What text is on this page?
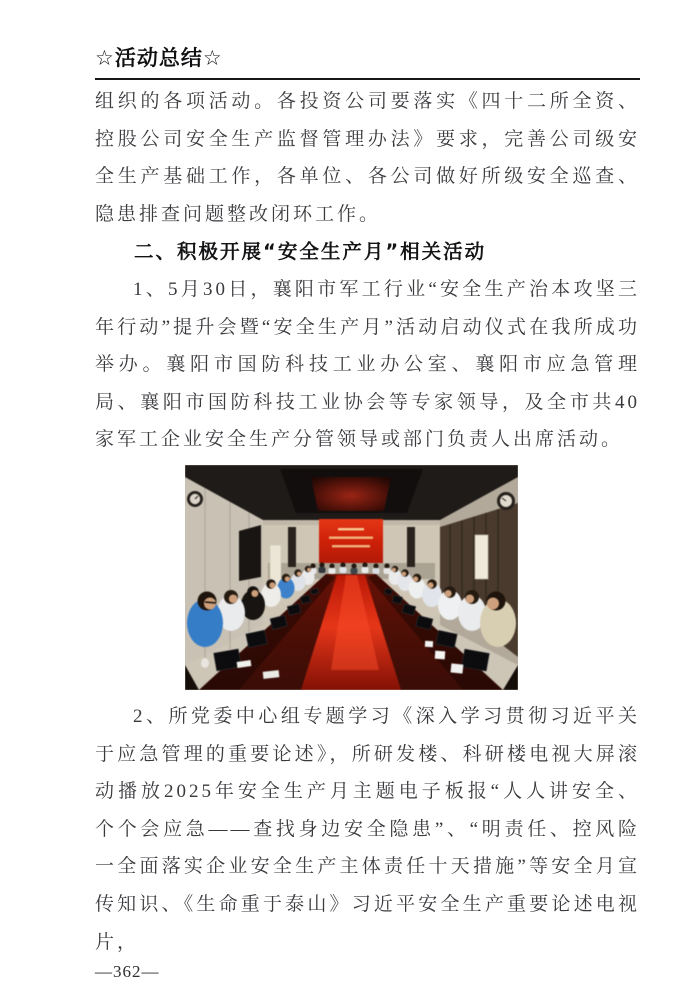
☆活动总结☆

组织的各项活动。各投资公司要落实《四十二所全资、控股公司安全生产监督管理办法》要求，完善公司级安全生产基础工作，各单位、各公司做好所级安全巡查、隐患排查问题整改闭环工作。

二、积极开展“安全生产月”相关活动

1、5月30日，襄阳市军工行业“安全生产治本攻坚三年行动”提升会暨“安全生产月”活动启动仪式在我所成功举办。襄阳市国防科技工业办公室、襄阳市应急管理局、襄阳市国防科技工业协会等专家领导，及全市共40家军工企业安全生产分管领导或部门负责人出席活动。

2、所党委中心组专题学习《深入学习贯彻习近平关于应急管理的重要论述》，所研发楼、科研楼电视大屏滚动播放2025年安全生产月主题电子板报“人人讲安全、个个会应急——查找身边安全隐患”、“明责任、控风险一全面落实企业安全生产主体责任十天措施”等安全月宣传知识、《生命重于泰山》习近平安全生产重要论述电视片，

—362—
